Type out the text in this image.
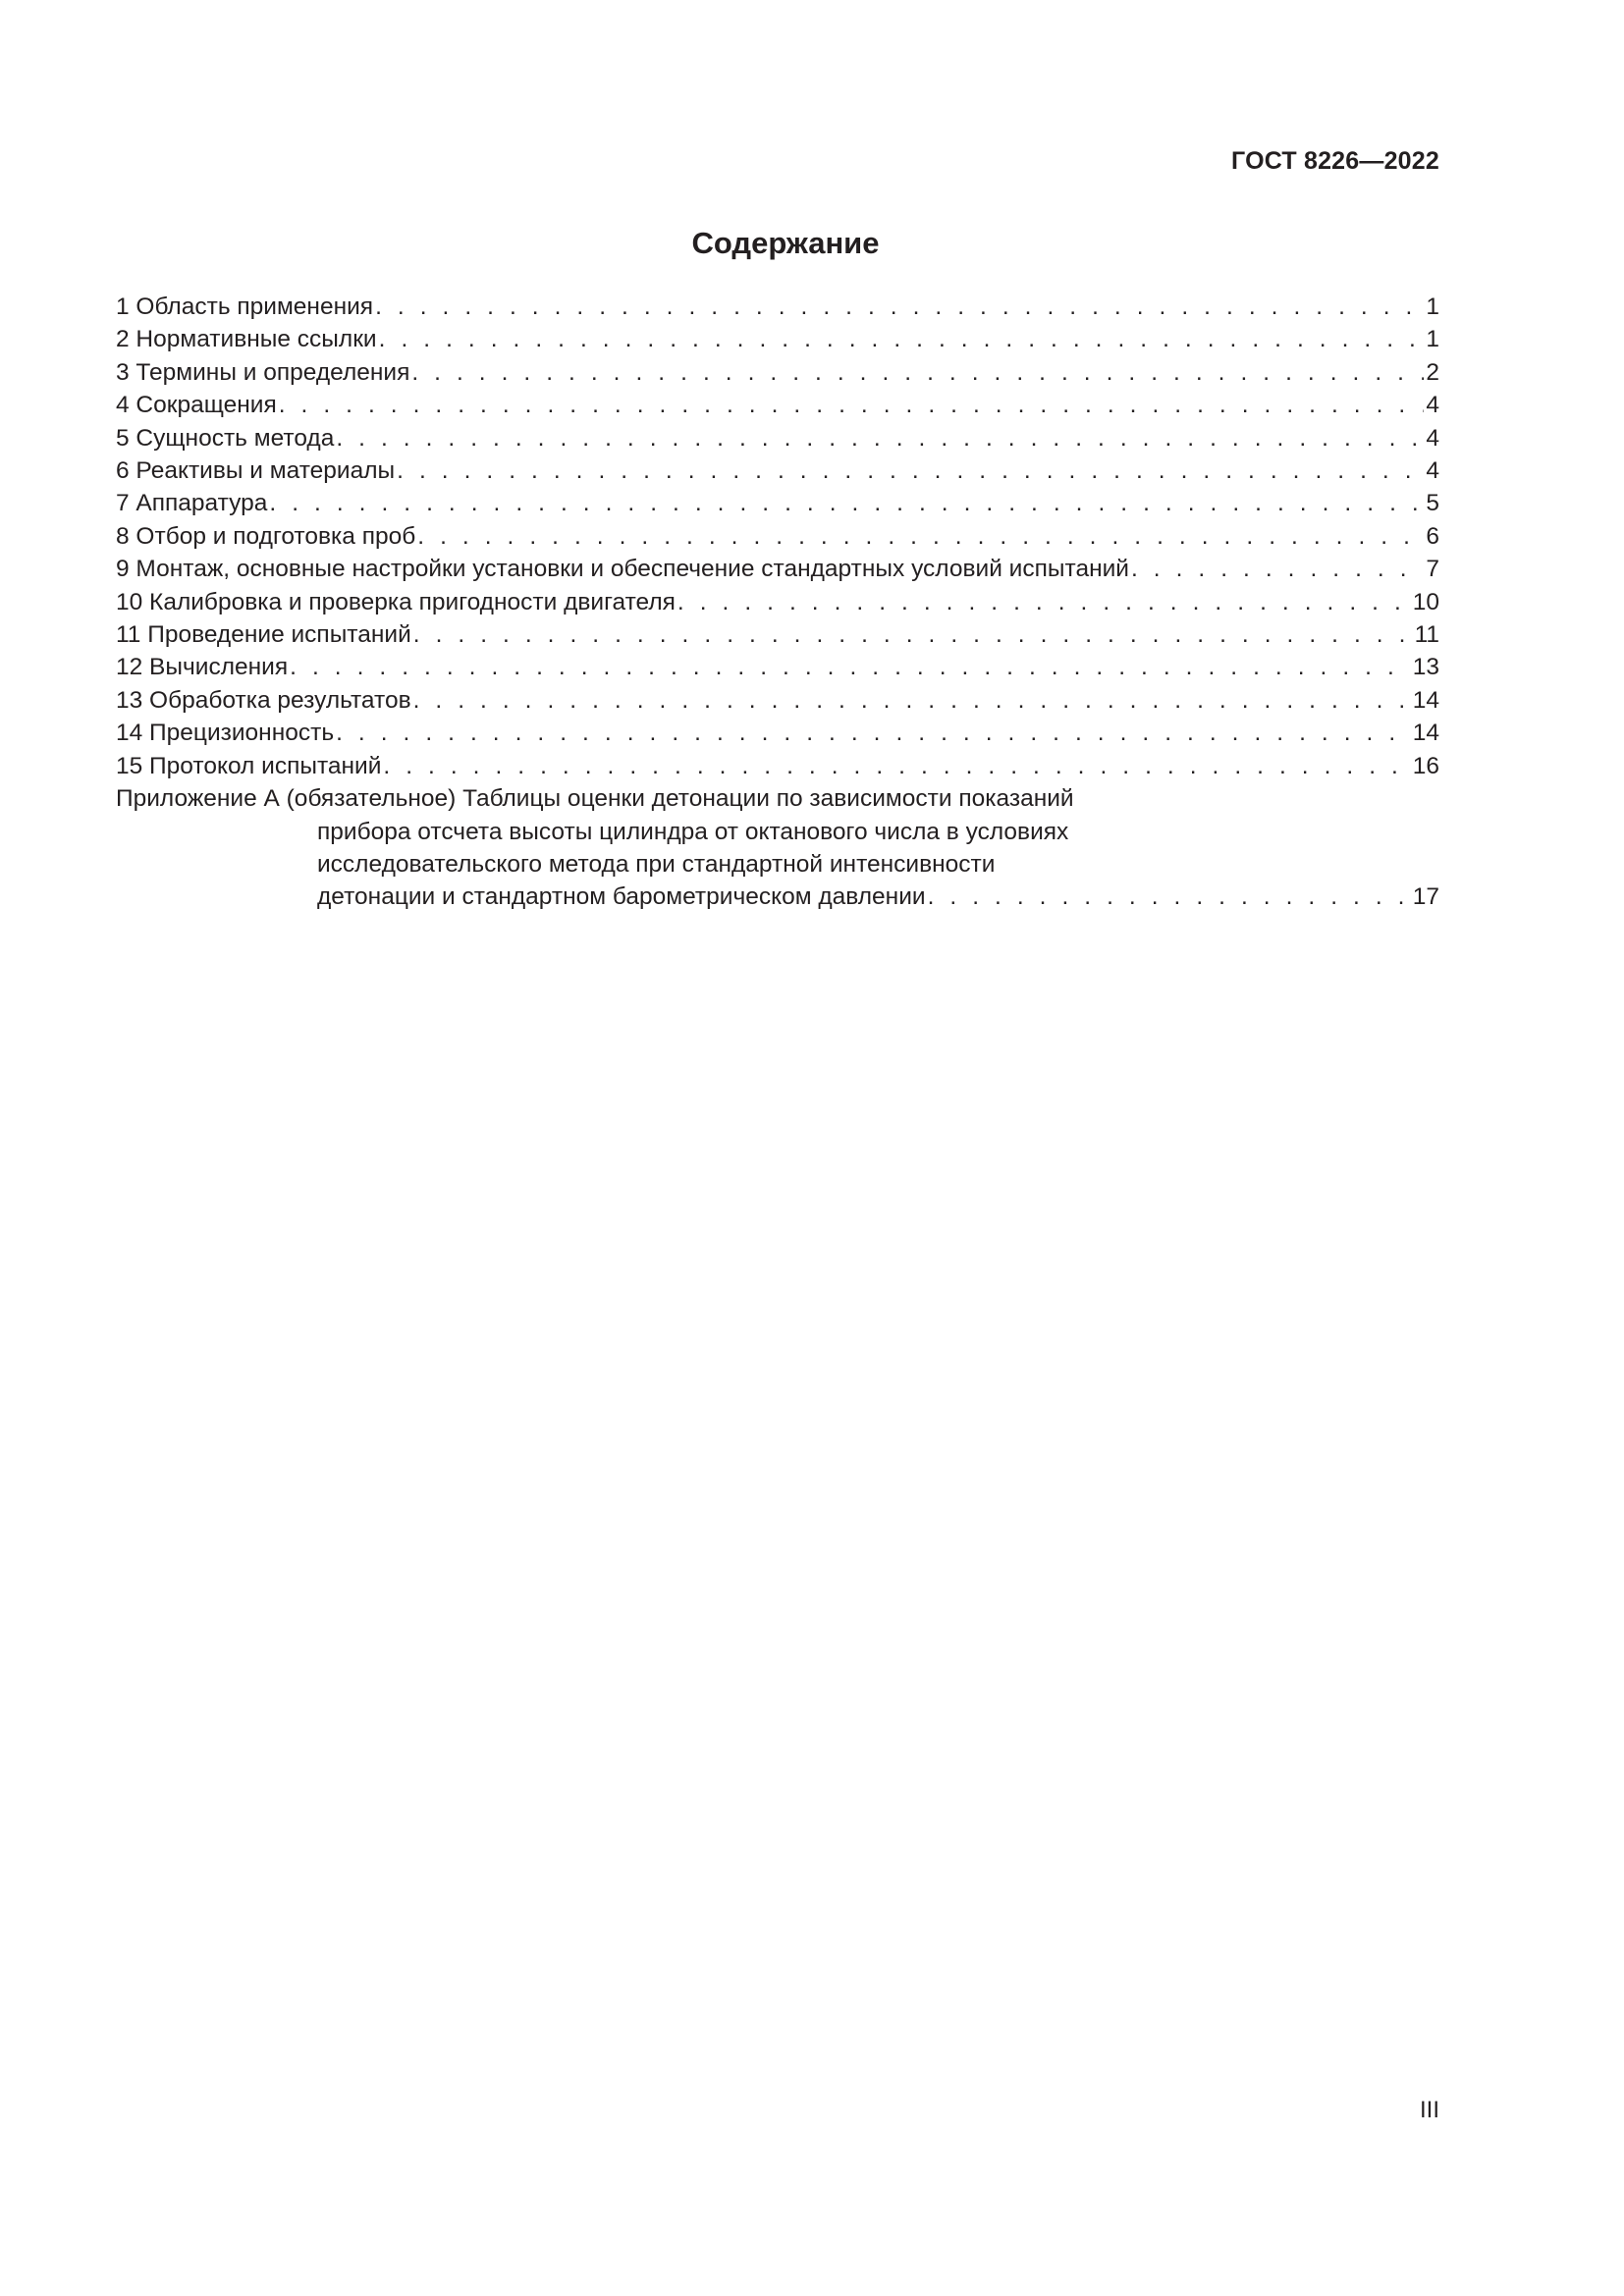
ГОСТ 8226—2022
Содержание
1 Область применения . . .	1
2 Нормативные ссылки . . .	1
3 Термины и определения . . .	2
4 Сокращения . . .	4
5 Сущность метода . . .	4
6 Реактивы и материалы . . .	4
7 Аппаратура . . .	5
8 Отбор и подготовка проб . . .	6
9 Монтаж, основные настройки установки и обеспечение стандартных условий испытаний . . .	7
10 Калибровка и проверка пригодности двигателя . . .	10
11 Проведение испытаний . . .	11
12 Вычисления . . .	13
13 Обработка результатов . . .	14
14 Прецизионность . . .	14
15 Протокол испытаний . . .	16
Приложение А (обязательное) Таблицы оценки детонации по зависимости показаний
прибора отсчета высоты цилиндра от октанового числа в условиях
исследовательского метода при стандартной интенсивности
детонации и стандартном барометрическом давлении . . .	17
III
